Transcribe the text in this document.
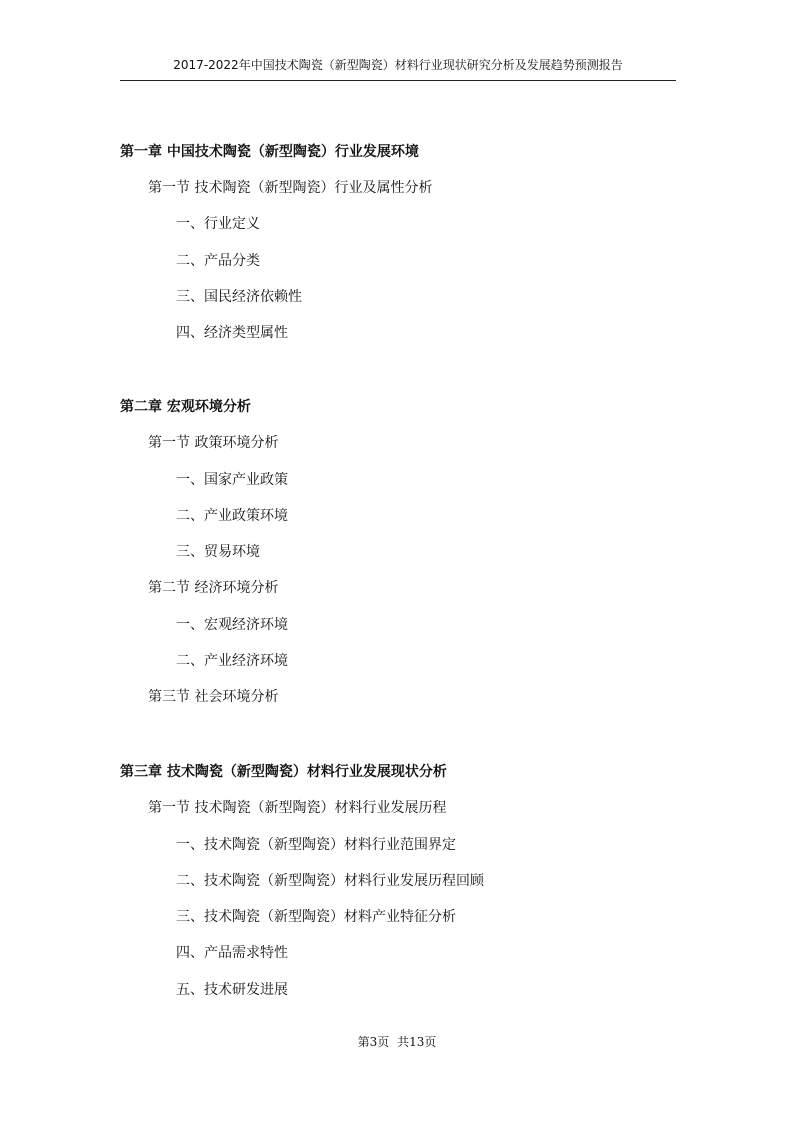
2017-2022年中国技术陶瓷（新型陶瓷）材料行业现状研究分析及发展趋势预测报告
第一章 中国技术陶瓷（新型陶瓷）行业发展环境
第一节 技术陶瓷（新型陶瓷）行业及属性分析
一、行业定义
二、产品分类
三、国民经济依赖性
四、经济类型属性
第二章 宏观环境分析
第一节 政策环境分析
一、国家产业政策
二、产业政策环境
三、贸易环境
第二节 经济环境分析
一、宏观经济环境
二、产业经济环境
第三节 社会环境分析
第三章 技术陶瓷（新型陶瓷）材料行业发展现状分析
第一节 技术陶瓷（新型陶瓷）材料行业发展历程
一、技术陶瓷（新型陶瓷）材料行业范围界定
二、技术陶瓷（新型陶瓷）材料行业发展历程回顾
三、技术陶瓷（新型陶瓷）材料产业特征分析
四、产品需求特性
五、技术研发进展
第3页 共13页
